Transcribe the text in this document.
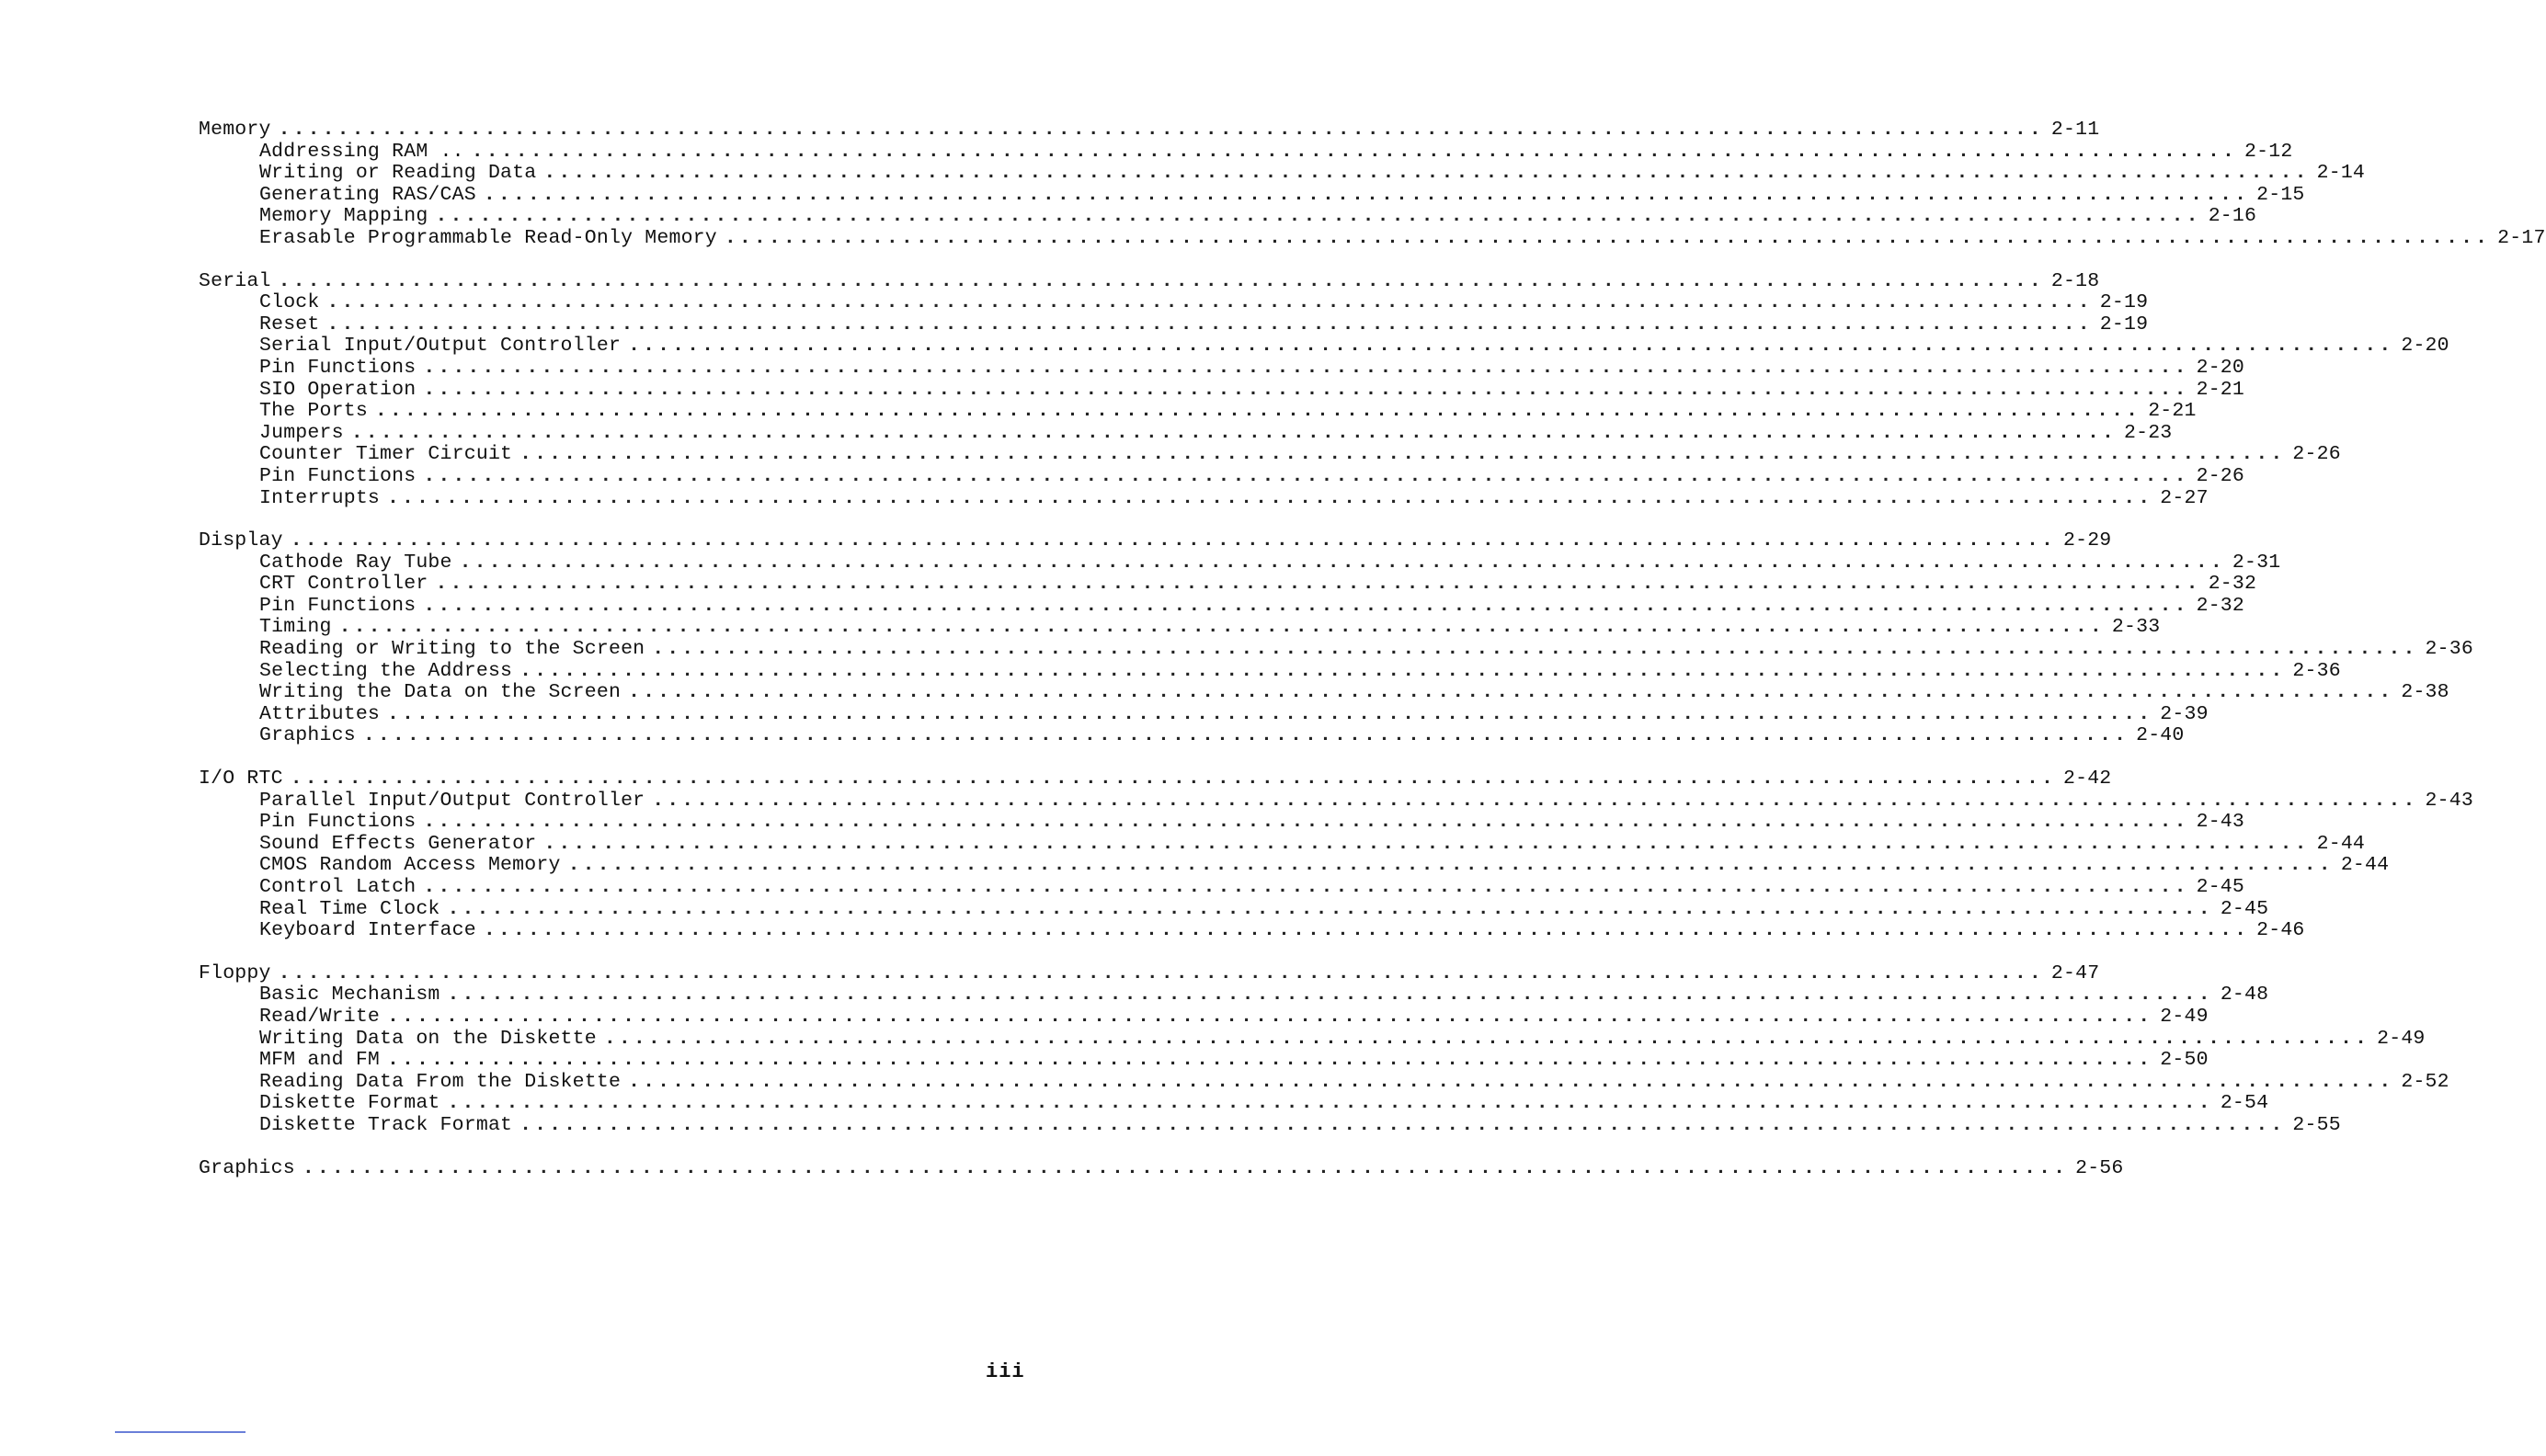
Memory ........................................................................................................................ 2-11
Addressing RAM .. ........................................................................................................................ 2-12
Writing or Reading Data ........................................................................................................................ 2-14
Generating RAS/CAS ........................................................................................................................ 2-15
Memory Mapping ........................................................................................................................ 2-16
Erasable Programmable Read-Only Memory ........................................................................................................................ 2-17
Serial ........................................................................................................................ 2-18
Clock ........................................................................................................................ 2-19
Reset ........................................................................................................................ 2-19
Serial Input/Output Controller ........................................................................................................................ 2-20
Pin Functions ........................................................................................................................ 2-20
SIO Operation ........................................................................................................................ 2-21
The Ports ........................................................................................................................ 2-21
Jumpers ........................................................................................................................ 2-23
Counter Timer Circuit ........................................................................................................................ 2-26
Pin Functions ........................................................................................................................ 2-26
Interrupts ........................................................................................................................ 2-27
Display ........................................................................................................................ 2-29
Cathode Ray Tube ........................................................................................................................ 2-31
CRT Controller ........................................................................................................................ 2-32
Pin Functions ........................................................................................................................ 2-32
Timing ........................................................................................................................ 2-33
Reading or Writing to the Screen ........................................................................................................................ 2-36
Selecting the Address ........................................................................................................................ 2-36
Writing the Data on the Screen ........................................................................................................................ 2-38
Attributes ........................................................................................................................ 2-39
Graphics ........................................................................................................................ 2-40
I/O RTC ........................................................................................................................ 2-42
Parallel Input/Output Controller ........................................................................................................................ 2-43
Pin Functions ........................................................................................................................ 2-43
Sound Effects Generator ........................................................................................................................ 2-44
CMOS Random Access Memory ........................................................................................................................ 2-44
Control Latch ........................................................................................................................ 2-45
Real Time Clock ........................................................................................................................ 2-45
Keyboard Interface ........................................................................................................................ 2-46
Floppy ........................................................................................................................ 2-47
Basic Mechanism ........................................................................................................................ 2-48
Read/Write ........................................................................................................................ 2-49
Writing Data on the Diskette ........................................................................................................................ 2-49
MFM and FM ........................................................................................................................ 2-50
Reading Data From the Diskette ........................................................................................................................ 2-52
Diskette Format ........................................................................................................................ 2-54
Diskette Track Format ........................................................................................................................ 2-55
Graphics ........................................................................................................................ 2-56
iii
